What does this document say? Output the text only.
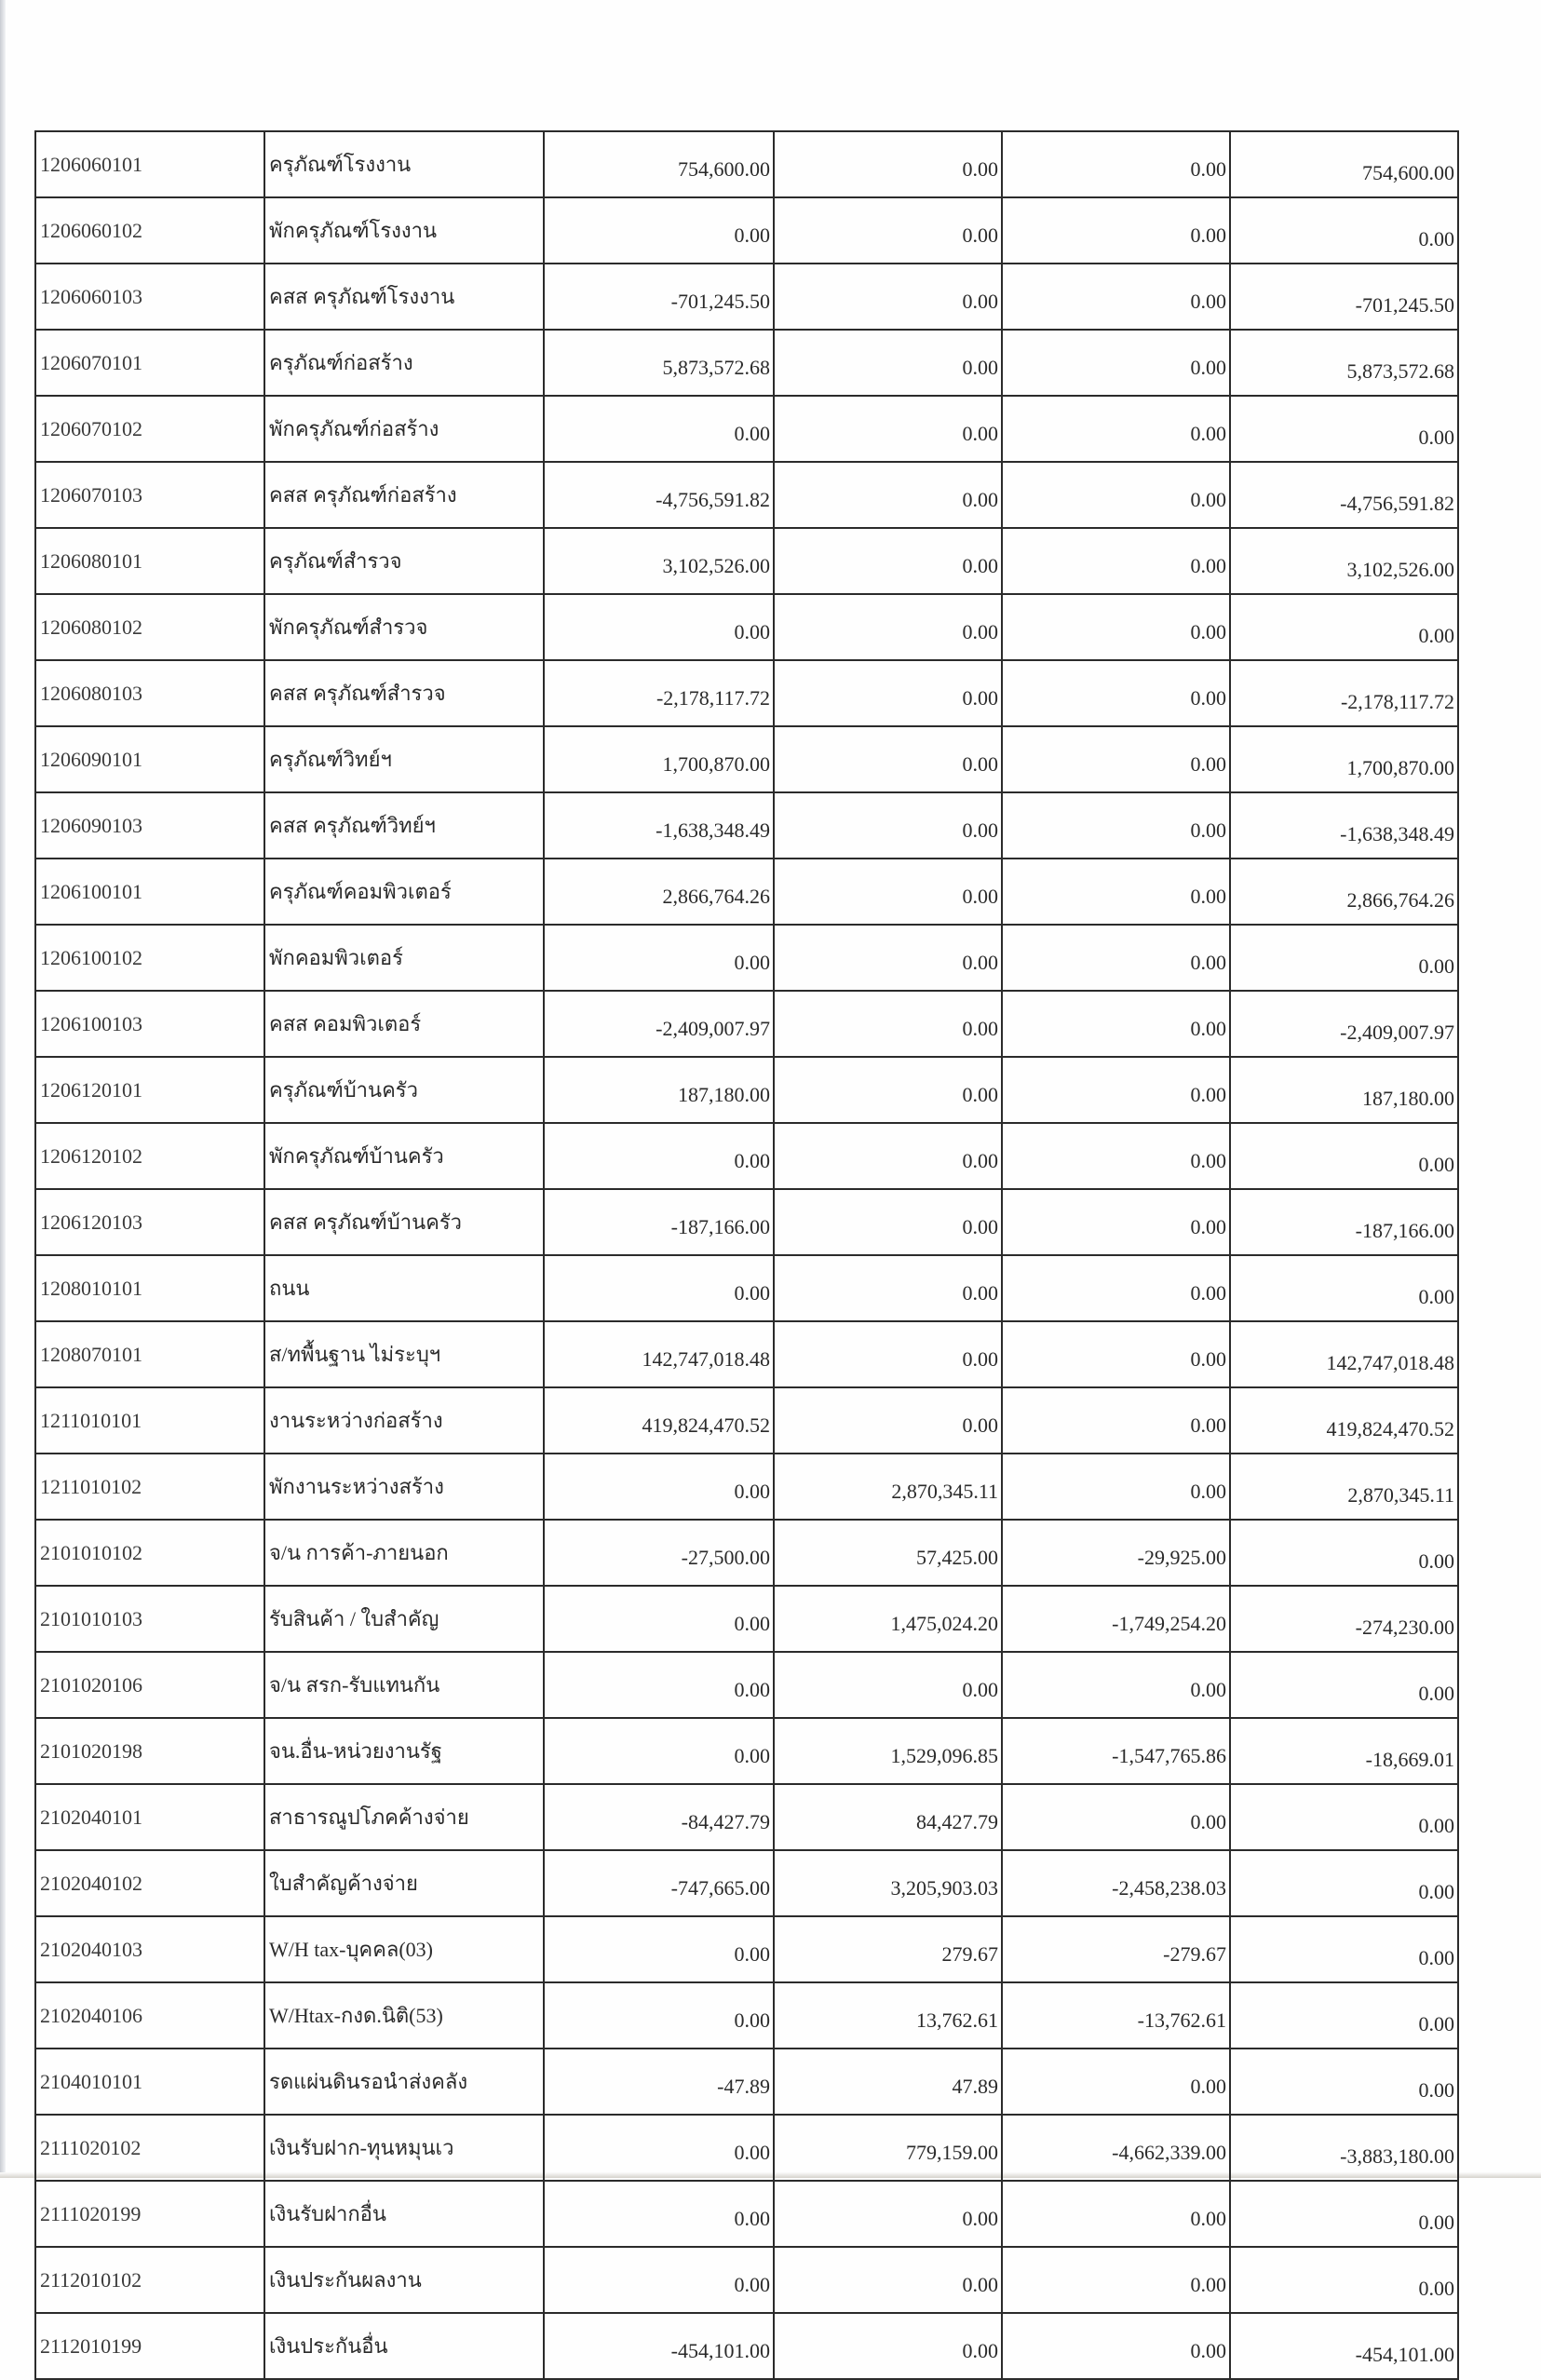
1206060101	ครุภัณฑ์โรงงาน	754,600.00	0.00	0.00	754,600.00
1206060102	พักครุภัณฑ์โรงงาน	0.00	0.00	0.00	0.00
1206060103	คสส ครุภัณฑ์โรงงาน	-701,245.50	0.00	0.00	-701,245.50
1206070101	ครุภัณฑ์ก่อสร้าง	5,873,572.68	0.00	0.00	5,873,572.68
1206070102	พักครุภัณฑ์ก่อสร้าง	0.00	0.00	0.00	0.00
1206070103	คสส ครุภัณฑ์ก่อสร้าง	-4,756,591.82	0.00	0.00	-4,756,591.82
1206080101	ครุภัณฑ์สำรวจ	3,102,526.00	0.00	0.00	3,102,526.00
1206080102	พักครุภัณฑ์สำรวจ	0.00	0.00	0.00	0.00
1206080103	คสส ครุภัณฑ์สำรวจ	-2,178,117.72	0.00	0.00	-2,178,117.72
1206090101	ครุภัณฑ์วิทย์ฯ	1,700,870.00	0.00	0.00	1,700,870.00
1206090103	คสส ครุภัณฑ์วิทย์ฯ	-1,638,348.49	0.00	0.00	-1,638,348.49
1206100101	ครุภัณฑ์คอมพิวเตอร์	2,866,764.26	0.00	0.00	2,866,764.26
1206100102	พักคอมพิวเตอร์	0.00	0.00	0.00	0.00
1206100103	คสส คอมพิวเตอร์	-2,409,007.97	0.00	0.00	-2,409,007.97
1206120101	ครุภัณฑ์บ้านครัว	187,180.00	0.00	0.00	187,180.00
1206120102	พักครุภัณฑ์บ้านครัว	0.00	0.00	0.00	0.00
1206120103	คสส ครุภัณฑ์บ้านครัว	-187,166.00	0.00	0.00	-187,166.00
1208010101	ถนน	0.00	0.00	0.00	0.00
1208070101	ส/ทพื้นฐาน ไม่ระบุฯ	142,747,018.48	0.00	0.00	142,747,018.48
1211010101	งานระหว่างก่อสร้าง	419,824,470.52	0.00	0.00	419,824,470.52
1211010102	พักงานระหว่างสร้าง	0.00	2,870,345.11	0.00	2,870,345.11
2101010102	จ/น การค้า-ภายนอก	-27,500.00	57,425.00	-29,925.00	0.00
2101010103	รับสินค้า / ใบสำคัญ	0.00	1,475,024.20	-1,749,254.20	-274,230.00
2101020106	จ/น สรก-รับแทนกัน	0.00	0.00	0.00	0.00
2101020198	จน.อื่น-หน่วยงานรัฐ	0.00	1,529,096.85	-1,547,765.86	-18,669.01
2102040101	สาธารณูปโภคค้างจ่าย	-84,427.79	84,427.79	0.00	0.00
2102040102	ใบสำคัญค้างจ่าย	-747,665.00	3,205,903.03	-2,458,238.03	0.00
2102040103	W/H tax-บุคคล(03)	0.00	279.67	-279.67	0.00
2102040106	W/Htax-กงด.นิติ(53)	0.00	13,762.61	-13,762.61	0.00
2104010101	รดแผ่นดินรอนำส่งคลัง	-47.89	47.89	0.00	0.00
2111020102	เงินรับฝาก-ทุนหมุนเว	0.00	779,159.00	-4,662,339.00	-3,883,180.00
2111020199	เงินรับฝากอื่น	0.00	0.00	0.00	0.00
2112010102	เงินประกันผลงาน	0.00	0.00	0.00	0.00
2112010199	เงินประกันอื่น	-454,101.00	0.00	0.00	-454,101.00
